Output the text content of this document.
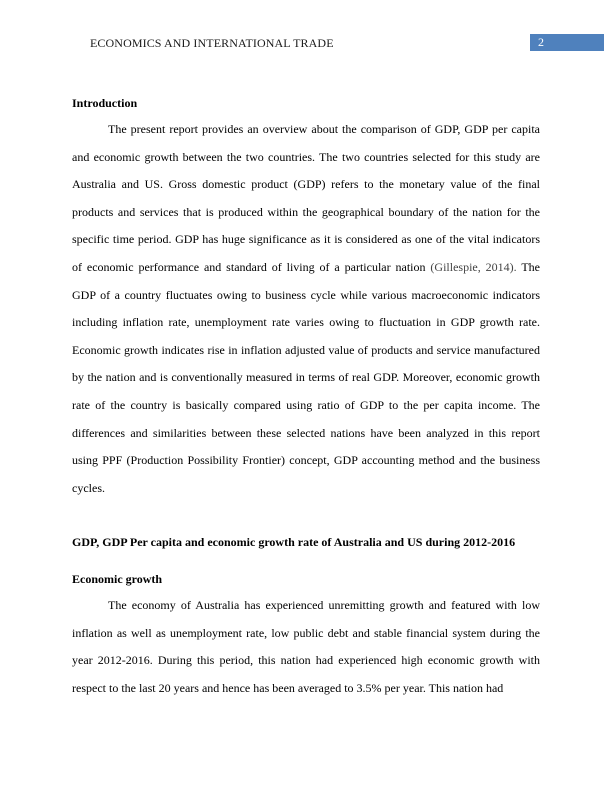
ECONOMICS AND INTERNATIONAL TRADE	2
Introduction

The present report provides an overview about the comparison of GDP, GDP per capita and economic growth between the two countries. The two countries selected for this study are Australia and US. Gross domestic product (GDP) refers to the monetary value of the final products and services that is produced within the geographical boundary of the nation for the specific time period. GDP has huge significance as it is considered as one of the vital indicators of economic performance and standard of living of a particular nation (Gillespie, 2014). The GDP of a country fluctuates owing to business cycle while various macroeconomic indicators including inflation rate, unemployment rate varies owing to fluctuation in GDP growth rate. Economic growth indicates rise in inflation adjusted value of products and service manufactured by the nation and is conventionally measured in terms of real GDP. Moreover, economic growth rate of the country is basically compared using ratio of GDP to the per capita income. The differences and similarities between these selected nations have been analyzed in this report using PPF (Production Possibility Frontier) concept, GDP accounting method and the business cycles.

GDP, GDP Per capita and economic growth rate of Australia and US during 2012-2016
Economic growth

The economy of Australia has experienced unremitting growth and featured with low inflation as well as unemployment rate, low public debt and stable financial system during the year 2012-2016. During this period, this nation had experienced high economic growth with respect to the last 20 years and hence has been averaged to 3.5% per year. This nation had
